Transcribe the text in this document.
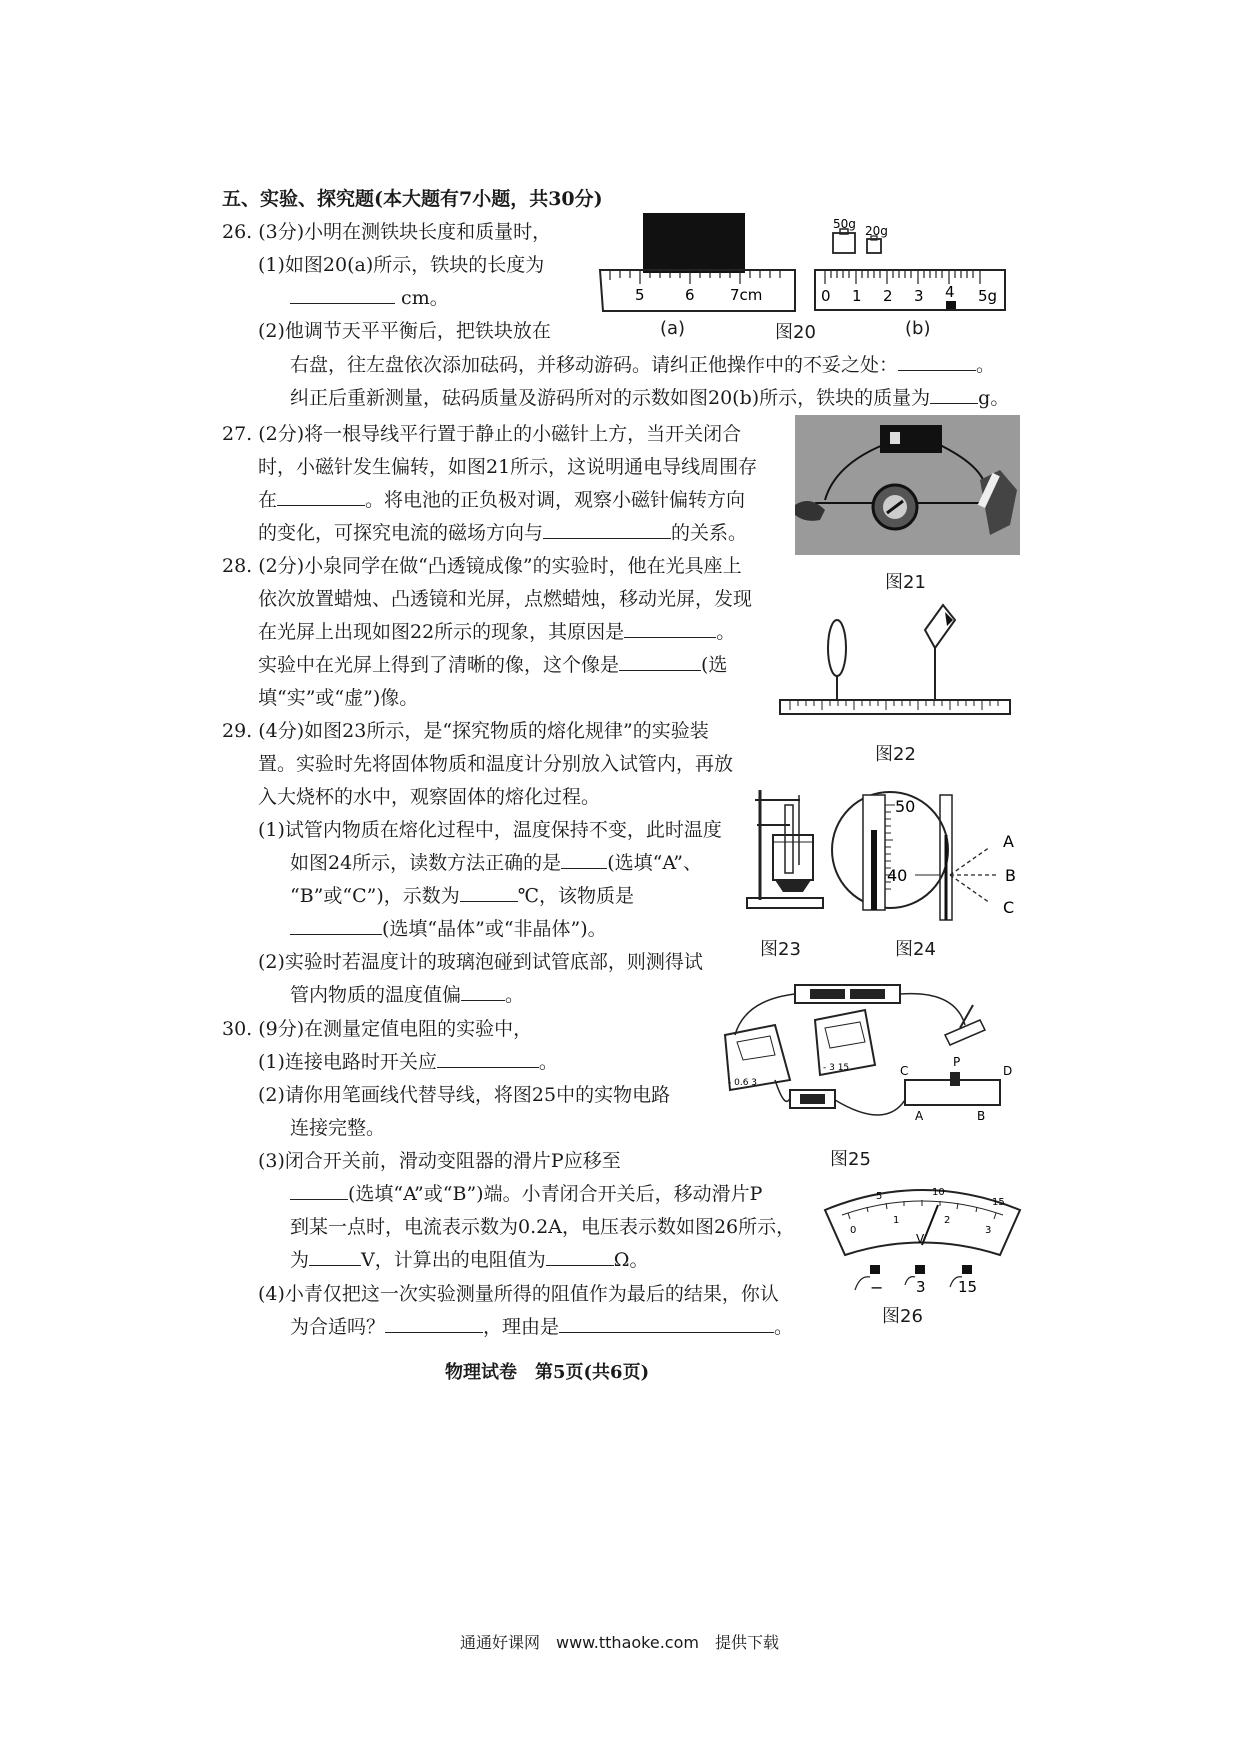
五、实验、探究题(本大题有7小题，共30分)
26. (3分)小明在测铁块长度和质量时，
(1)如图20(a)所示，铁块的长度为
cm。
(2)他调节天平平衡后，把铁块放在
右盘，往左盘依次添加砝码，并移动游码。请纠正他操作中的不妥之处：	。
纠正后重新测量，砝码质量及游码所对的示数如图20(b)所示，铁块的质量为	g。
5	6 7cm
50g 20g
0 1 2 3 4 5g
(a)	图20	(b)
27. (2分)将一根导线平行置于静止的小磁针上方，当开关闭合
时，小磁针发生偏转，如图21所示，这说明通电导线周围存
在	。将电池的正负极对调，观察小磁针偏转方向
的变化，可探究电流的磁场方向与	的关系。
图21
28. (2分)小泉同学在做“凸透镜成像”的实验时，他在光具座上
依次放置蜡烛、凸透镜和光屏，点燃蜡烛，移动光屏，发现
在光屏上出现如图22所示的现象，其原因是	。
实验中在光屏上得到了清晰的像，这个像是	(选
填“实”或“虚”)像。
图22
29. (4分)如图23所示，是“探究物质的熔化规律”的实验装
置。实验时先将固体物质和温度计分别放入试管内，再放
入大烧杯的水中，观察固体的熔化过程。
(1)试管内物质在熔化过程中，温度保持不变，此时温度
如图24所示，读数方法正确的是 (选填“A”、
“B”或“C”)，示数为	℃，该物质是
(选填“晶体”或“非晶体”)。
(2)实验时若温度计的玻璃泡碰到试管底部，则测得试
管内物质的温度值偏 。
图23
50
40
A
B
C
图24
30. (9分)在测量定值电阻的实验中，
(1)连接电路时开关应	。
(2)请你用笔画线代替导线，将图25中的实物电路
连接完整。
(3)闭合开关前，滑动变阻器的滑片P应移至
(选填“A”或“B”)端。小青闭合开关后，移动滑片P
到某一点时，电流表示数为0.2A，电压表示数如图26所示，
为	V，计算出的电阻值为	Ω。
(4)小青仅把这一次实验测量所得的阻值作为最后的结果，你认
为合适吗？	，理由是	。
- 0.6 3
- 3 15	C
P
D
A	B
图25
5	10
15
0
1	2
3
V
− 3 15
图26
物理试卷　第5页(共6页)
通通好课网　www.tthaoke.com　提供下载
